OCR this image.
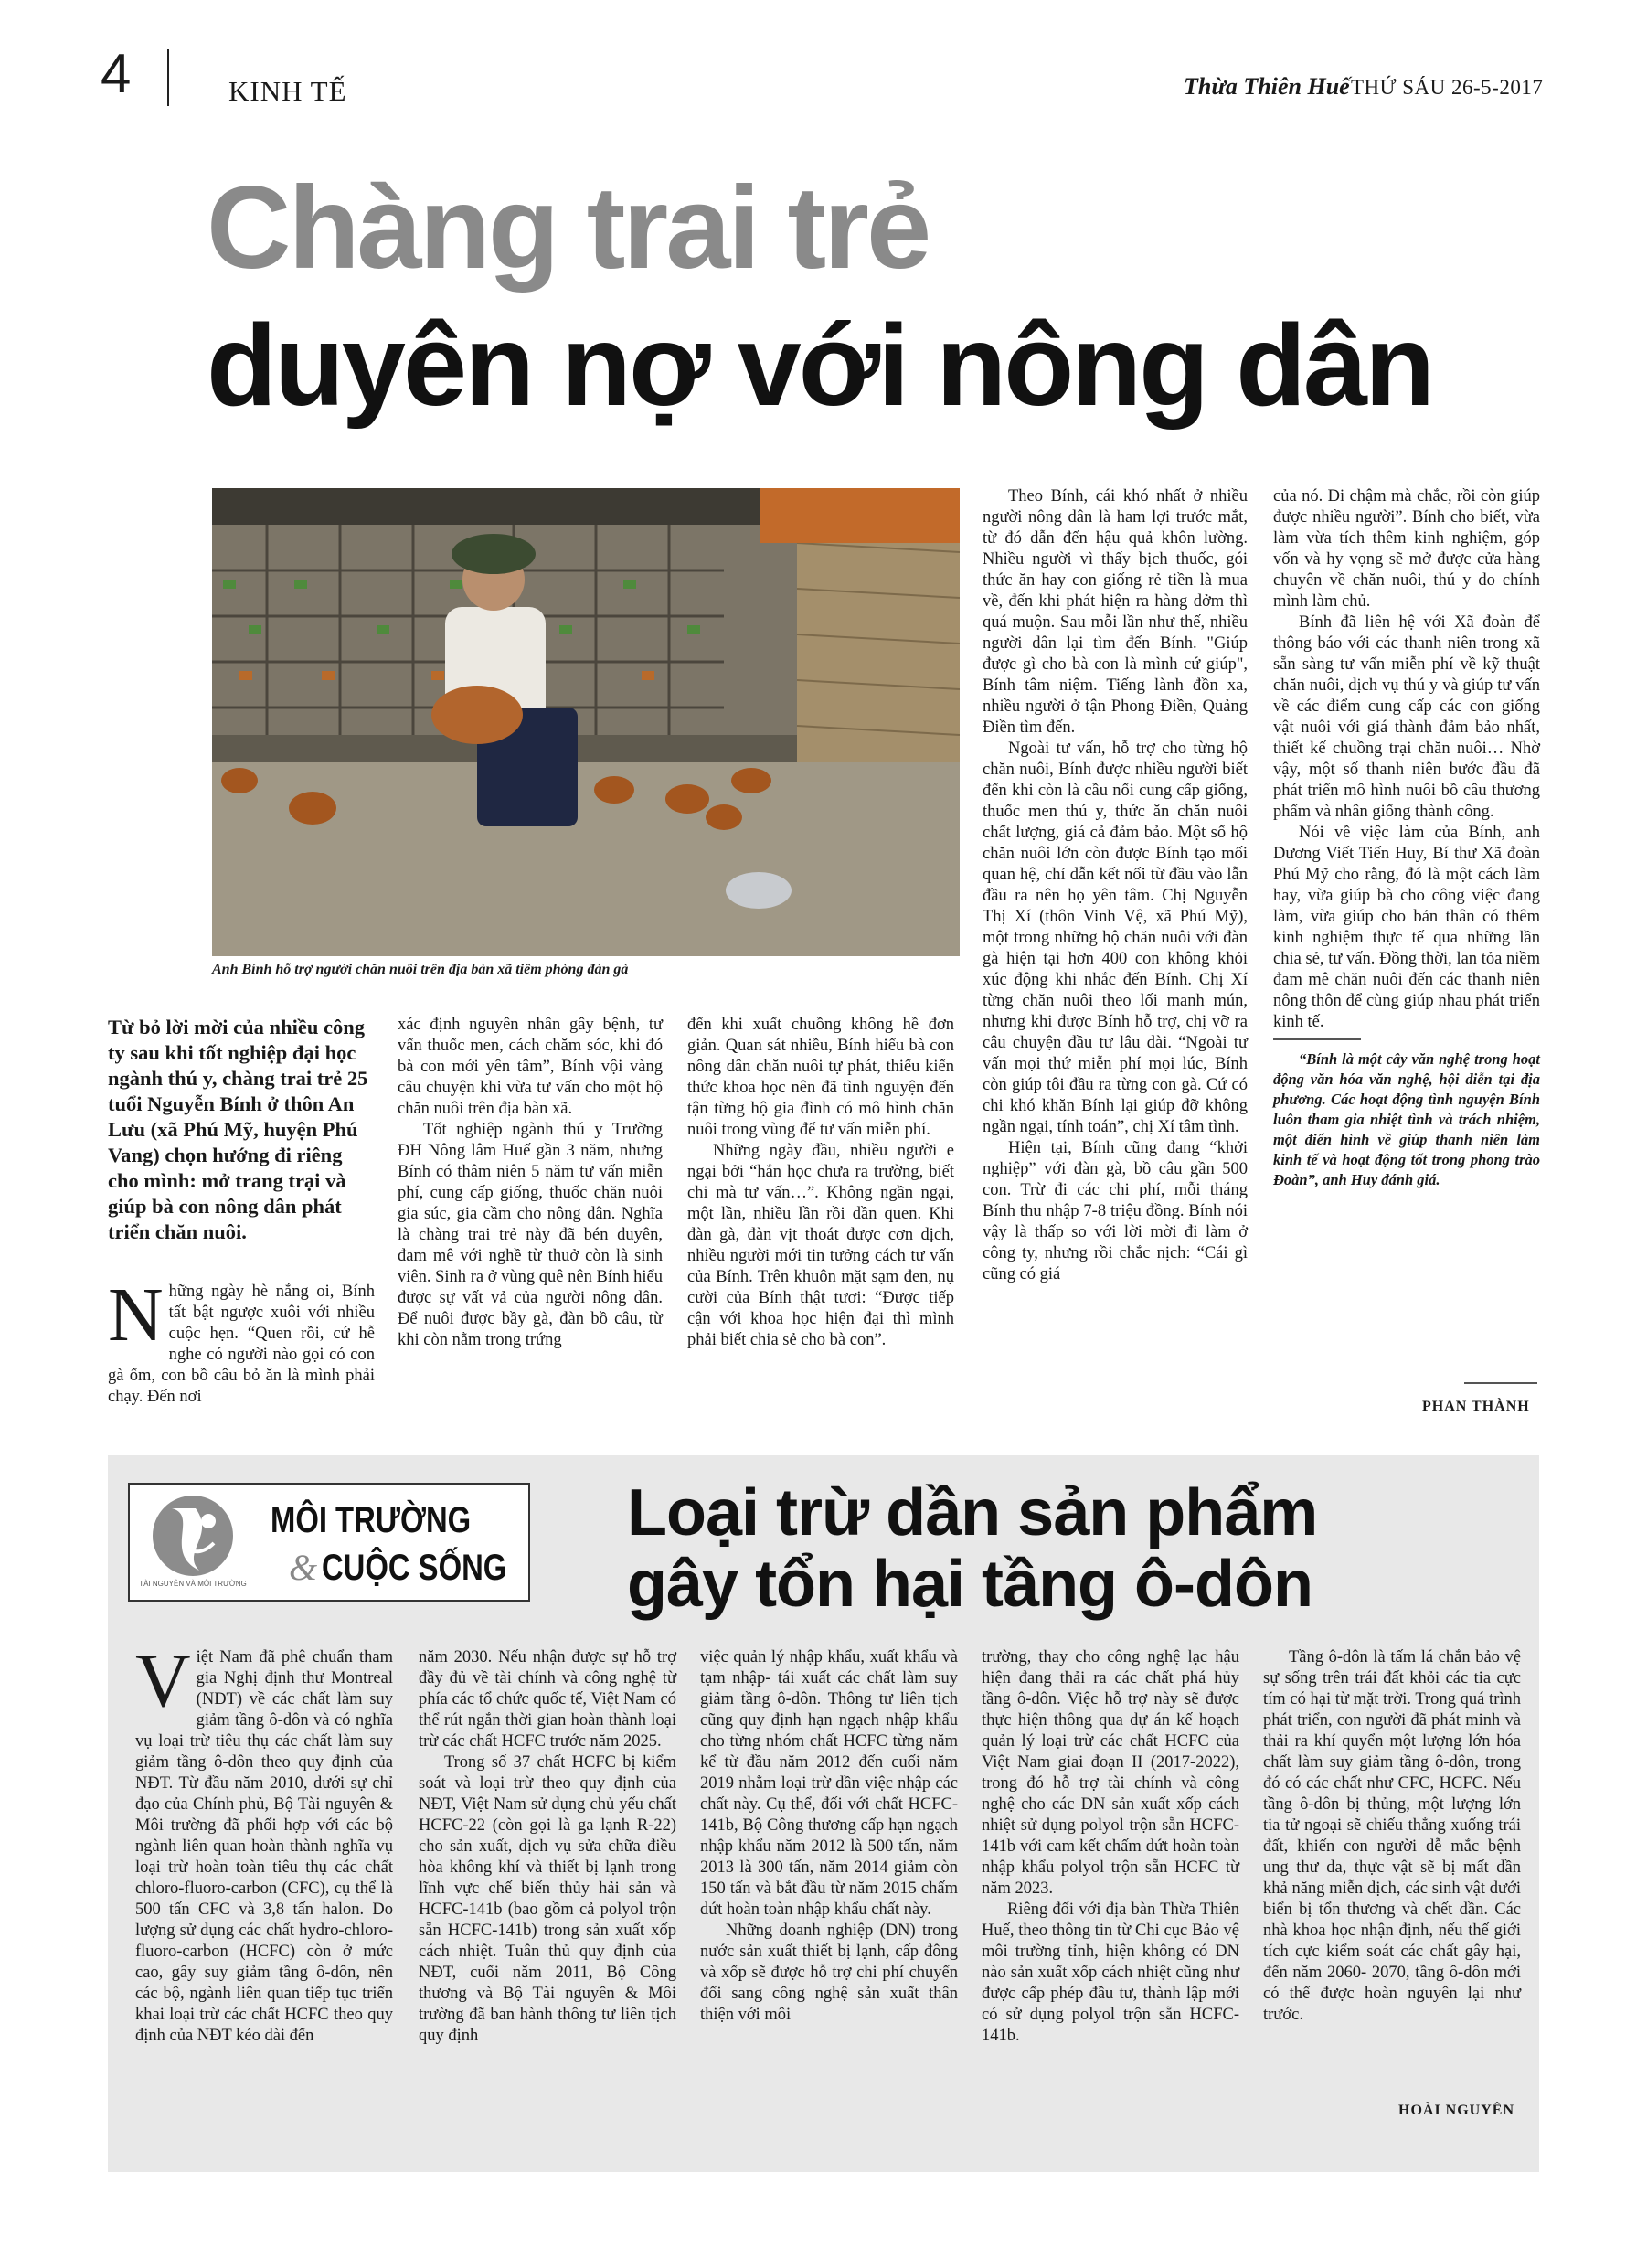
4	KINH TẾ	Thừa Thiên Huế THỨ SÁU 26-5-2017
Chàng trai trẻ
duyên nợ với nông dân
Anh Bính hỗ trợ người chăn nuôi trên địa bàn xã tiêm phòng đàn gà
Từ bỏ lời mời của nhiều công ty sau khi tốt nghiệp đại học ngành thú y, chàng trai trẻ 25 tuổi Nguyễn Bính ở thôn An Lưu (xã Phú Mỹ, huyện Phú Vang) chọn hướng đi riêng cho mình: mở trang trại và giúp bà con nông dân phát triển chăn nuôi.

Những ngày hè nắng oi, Bính tất bật ngược xuôi với nhiều cuộc hẹn. “Quen rồi, cứ hễ nghe có người nào gọi có con gà ốm, con bồ câu bỏ ăn là mình phải chạy. Đến nơi

xác định nguyên nhân gây bệnh, tư vấn thuốc men, cách chăm sóc, khi đó bà con mới yên tâm”, Bính vội vàng câu chuyện khi vừa tư vấn cho một hộ chăn nuôi trên địa bàn xã.

Tốt nghiệp ngành thú y Trường ĐH Nông lâm Huế gần 3 năm, nhưng Bính có thâm niên 5 năm tư vấn miễn phí, cung cấp giống, thuốc chăn nuôi gia súc, gia cầm cho nông dân. Nghĩa là chàng trai trẻ này đã bén duyên, đam mê với nghề từ thuở còn là sinh viên. Sinh ra ở vùng quê nên Bính hiểu được sự vất vả của người nông dân. Để nuôi được bầy gà, đàn bồ câu, từ khi còn nằm trong trứng

đến khi xuất chuồng không hề đơn giản. Quan sát nhiều, Bính hiểu bà con nông dân chăn nuôi tự phát, thiếu kiến thức khoa học nên đã tình nguyện đến tận từng hộ gia đình có mô hình chăn nuôi trong vùng để tư vấn miễn phí.

Những ngày đầu, nhiều người e ngại bởi “hắn học chưa ra trường, biết chi mà tư vấn…”. Không ngần ngại, một lần, nhiều lần rồi dần quen. Khi đàn gà, đàn vịt thoát được cơn dịch, nhiều người mới tin tưởng cách tư vấn của Bính. Trên khuôn mặt sạm đen, nụ cười của Bính thật tươi: “Được tiếp cận với khoa học hiện đại thì mình phải biết chia sẻ cho bà con”.

Theo Bính, cái khó nhất ở nhiều người nông dân là ham lợi trước mắt, từ đó dẫn đến hậu quả khôn lường. Nhiều người vì thấy bịch thuốc, gói thức ăn hay con giống rẻ tiền là mua về, đến khi phát hiện ra hàng dởm thì quá muộn. Sau mỗi lần như thế, nhiều người dân lại tìm đến Bính. "Giúp được gì cho bà con là mình cứ giúp", Bính tâm niệm. Tiếng lành đồn xa, nhiều người ở tận Phong Điền, Quảng Điền tìm đến.

Ngoài tư vấn, hỗ trợ cho từng hộ chăn nuôi, Bính được nhiều người biết đến khi còn là cầu nối cung cấp giống, thuốc men thú y, thức ăn chăn nuôi chất lượng, giá cả đảm bảo. Một số hộ chăn nuôi lớn còn được Bính tạo mối quan hệ, chỉ dẫn kết nối từ đầu vào lẫn đầu ra nên họ yên tâm. Chị Nguyễn Thị Xí (thôn Vinh Vệ, xã Phú Mỹ), một trong những hộ chăn nuôi với đàn gà hiện tại hơn 400 con không khỏi xúc động khi nhắc đến Bính. Chị Xí từng chăn nuôi theo lối manh mún, nhưng khi được Bính hỗ trợ, chị vỡ ra câu chuyện đầu tư lâu dài. “Ngoài tư vấn mọi thứ miễn phí mọi lúc, Bính còn giúp tôi đầu ra từng con gà. Cứ có chi khó khăn Bính lại giúp đỡ không ngần ngại, tính toán”, chị Xí tâm tình.

Hiện tại, Bính cũng đang “khởi nghiệp” với đàn gà, bồ câu gần 500 con. Trừ đi các chi phí, mỗi tháng Bính thu nhập 7-8 triệu đồng. Bính nói vậy là thấp so với lời mời đi làm ở công ty, nhưng rồi chắc nịch: “Cái gì cũng có giá

của nó. Đi chậm mà chắc, rồi còn giúp được nhiều người”. Bính cho biết, vừa làm vừa tích thêm kinh nghiệm, góp vốn và hy vọng sẽ mở được cửa hàng chuyên về chăn nuôi, thú y do chính mình làm chủ.

Bính đã liên hệ với Xã đoàn để thông báo với các thanh niên trong xã sẵn sàng tư vấn miễn phí về kỹ thuật chăn nuôi, dịch vụ thú y và giúp tư vấn về các điểm cung cấp các con giống vật nuôi với giá thành đảm bảo nhất, thiết kế chuồng trại chăn nuôi… Nhờ vậy, một số thanh niên bước đầu đã phát triển mô hình nuôi bồ câu thương phẩm và nhân giống thành công.

Nói về việc làm của Bính, anh Dương Viết Tiến Huy, Bí thư Xã đoàn Phú Mỹ cho rằng, đó là một cách làm hay, vừa giúp bà cho công việc đang làm, vừa giúp cho bản thân có thêm kinh nghiệm thực tế qua những lần chia sẻ, tư vấn. Đồng thời, lan tỏa niềm đam mê chăn nuôi đến các thanh niên nông thôn để cùng giúp nhau phát triển kinh tế.

“Bính là một cây văn nghệ trong hoạt động văn hóa văn nghệ, hội diễn tại địa phương. Các hoạt động tình nguyện Bính luôn tham gia nhiệt tình và trách nhiệm, một điển hình về giúp thanh niên làm kinh tế và hoạt động tốt trong phong trào Đoàn”, anh Huy đánh giá.

PHAN THÀNH
TÀI NGUYÊN VÀ MÔI TRƯỜNG
MÔI TRƯỜNG
& CUỘC SỐNG
Loại trừ dần sản phẩm
gây tổn hại tầng ô-dôn

Việt Nam đã phê chuẩn tham gia Nghị định thư Montreal (NĐT) về các chất làm suy giảm tầng ô-dôn và có nghĩa vụ loại trừ tiêu thụ các chất làm suy giảm tầng ô-dôn theo quy định của NĐT. Từ đầu năm 2010, dưới sự chỉ đạo của Chính phủ, Bộ Tài nguyên & Môi trường đã phối hợp với các bộ ngành liên quan hoàn thành nghĩa vụ loại trừ hoàn toàn tiêu thụ các chất chloro-fluoro-carbon (CFC), cụ thể là 500 tấn CFC và 3,8 tấn halon. Do lượng sử dụng các chất hydro-chloro-fluoro-carbon (HCFC) còn ở mức cao, gây suy giảm tầng ô-dôn, nên các bộ, ngành liên quan tiếp tục triển khai loại trừ các chất HCFC theo quy định của NĐT kéo dài đến

năm 2030. Nếu nhận được sự hỗ trợ đầy đủ về tài chính và công nghệ từ phía các tổ chức quốc tế, Việt Nam có thể rút ngắn thời gian hoàn thành loại trừ các chất HCFC trước năm 2025.

Trong số 37 chất HCFC bị kiểm soát và loại trừ theo quy định của NĐT, Việt Nam sử dụng chủ yếu chất HCFC-22 (còn gọi là ga lạnh R-22) cho sản xuất, dịch vụ sửa chữa điều hòa không khí và thiết bị lạnh trong lĩnh vực chế biến thủy hải sản và HCFC-141b (bao gồm cả polyol trộn sẵn HCFC-141b) trong sản xuất xốp cách nhiệt. Tuân thủ quy định của NĐT, cuối năm 2011, Bộ Công thương và Bộ Tài nguyên & Môi trường đã ban hành thông tư liên tịch quy định

việc quản lý nhập khẩu, xuất khẩu và tạm nhập- tái xuất các chất làm suy giảm tầng ô-dôn. Thông tư liên tịch cũng quy định hạn ngạch nhập khẩu cho từng nhóm chất HCFC từng năm kể từ đầu năm 2012 đến cuối năm 2019 nhằm loại trừ dần việc nhập các chất này. Cụ thể, đối với chất HCFC-141b, Bộ Công thương cấp hạn ngạch nhập khẩu năm 2012 là 500 tấn, năm 2013 là 300 tấn, năm 2014 giảm còn 150 tấn và bắt đầu từ năm 2015 chấm dứt hoàn toàn nhập khẩu chất này.

Những doanh nghiệp (DN) trong nước sản xuất thiết bị lạnh, cấp đông và xốp sẽ được hỗ trợ chi phí chuyển đổi sang công nghệ sản xuất thân thiện với môi

trường, thay cho công nghệ lạc hậu hiện đang thải ra các chất phá hủy tầng ô-dôn. Việc hỗ trợ này sẽ được thực hiện thông qua dự án kế hoạch quản lý loại trừ các chất HCFC của Việt Nam giai đoạn II (2017-2022), trong đó hỗ trợ tài chính và công nghệ cho các DN sản xuất xốp cách nhiệt sử dụng polyol trộn sẵn HCFC-141b với cam kết chấm dứt hoàn toàn nhập khẩu polyol trộn sẵn HCFC từ năm 2023.

Riêng đối với địa bàn Thừa Thiên Huế, theo thông tin từ Chi cục Bảo vệ môi trường tỉnh, hiện không có DN nào sản xuất xốp cách nhiệt cũng như được cấp phép đầu tư, thành lập mới có sử dụng polyol trộn sẵn HCFC-141b.

Tầng ô-dôn là tấm lá chắn bảo vệ sự sống trên trái đất khỏi các tia cực tím có hại từ mặt trời. Trong quá trình phát triển, con người đã phát minh và thải ra khí quyển một lượng lớn hóa chất làm suy giảm tầng ô-dôn, trong đó có các chất như CFC, HCFC. Nếu tầng ô-dôn bị thủng, một lượng lớn tia tử ngoại sẽ chiếu thẳng xuống trái đất, khiến con người dễ mắc bệnh ung thư da, thực vật sẽ bị mất dần khả năng miễn dịch, các sinh vật dưới biển bị tổn thương và chết dần. Các nhà khoa học nhận định, nếu thế giới tích cực kiểm soát các chất gây hại, đến năm 2060- 2070, tầng ô-dôn mới có thể được hoàn nguyên lại như trước.

HOÀI NGUYÊN
